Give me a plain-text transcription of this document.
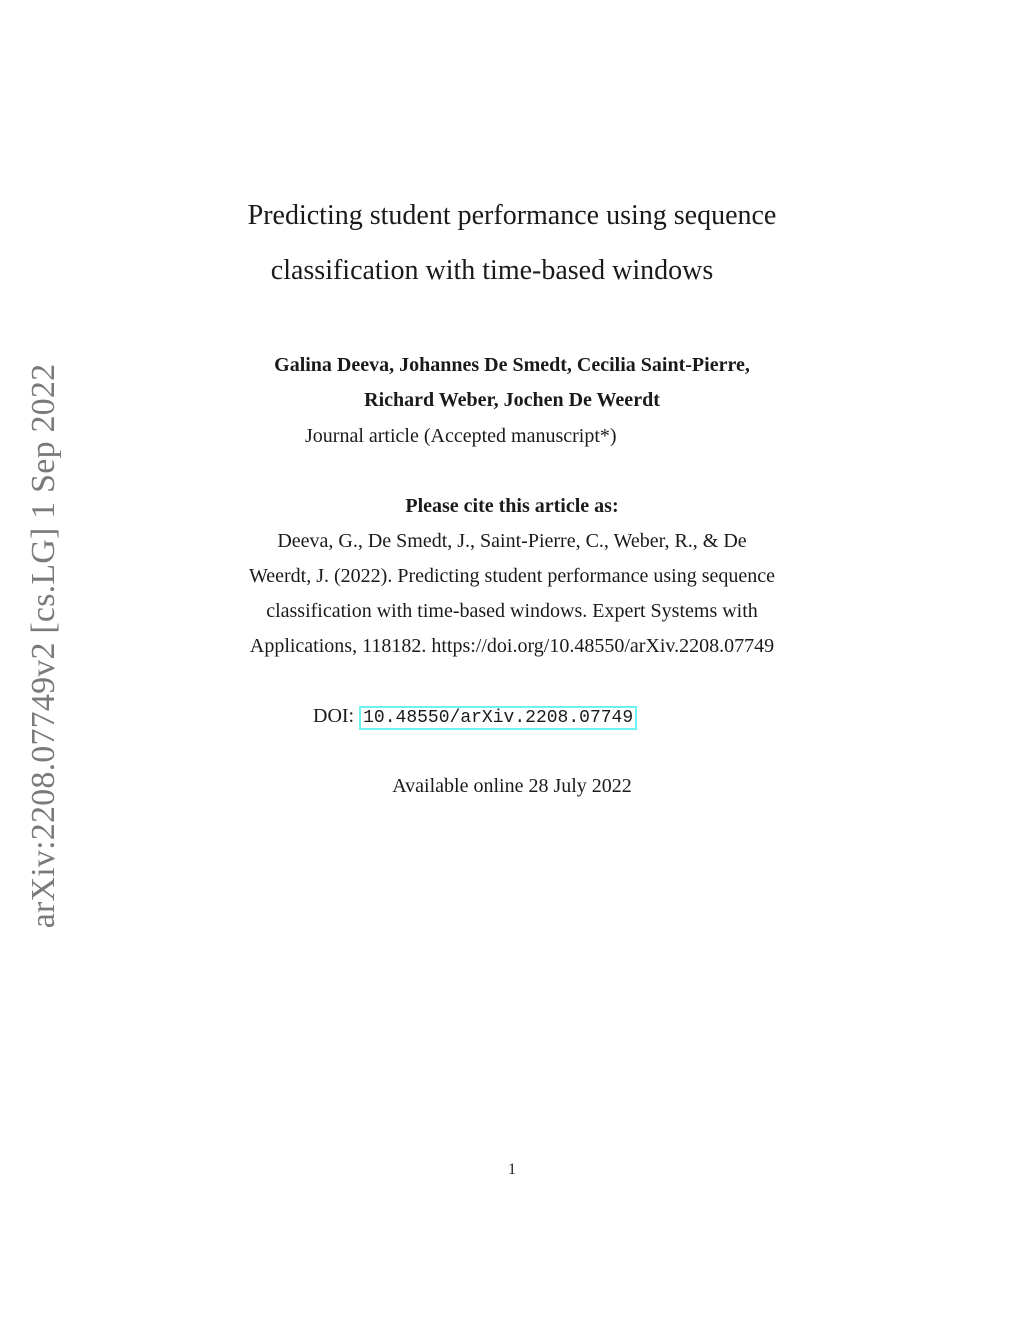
arXiv:2208.07749v2 [cs.LG] 1 Sep 2022
Predicting student performance using sequence
classification with time-based windows

Galina Deeva, Johannes De Smedt, Cecilia Saint-Pierre,

Richard Weber, Jochen De Weerdt

Journal article (Accepted manuscript*)

Please cite this article as:

Deeva, G., De Smedt, J., Saint-Pierre, C., Weber, R., & De

Weerdt, J. (2022). Predicting student performance using sequence

classification with time-based windows. Expert Systems with

Applications, 118182. https://doi.org/10.48550/arXiv.2208.07749

DOI: 10.48550/arXiv.2208.07749

Available online 28 July 2022

1
